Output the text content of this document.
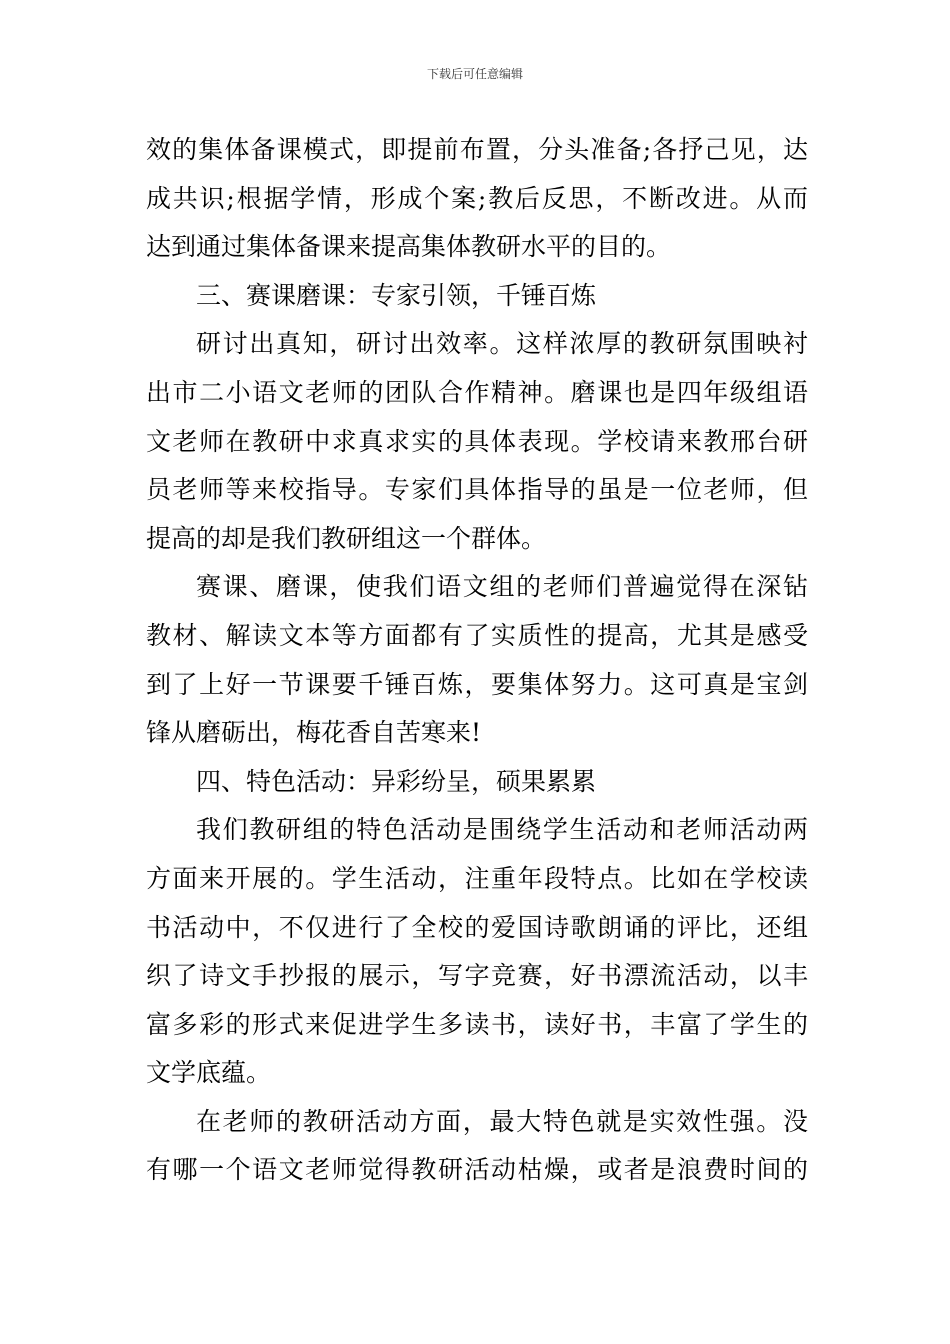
下载后可任意编辑
效的集体备课模式，即提前布置，分头准备;各抒己见，达
成共识;根据学情，形成个案;教后反思，不断改进。从而
达到通过集体备课来提高集体教研水平的目的。
三、赛课磨课：专家引领，千锤百炼
研讨出真知，研讨出效率。这样浓厚的教研氛围映衬
出市二小语文老师的团队合作精神。磨课也是四年级组语
文老师在教研中求真求实的具体表现。学校请来教邢台研
员老师等来校指导。专家们具体指导的虽是一位老师，但
提高的却是我们教研组这一个群体。
赛课、磨课，使我们语文组的老师们普遍觉得在深钻
教材、解读文本等方面都有了实质性的提高，尤其是感受
到了上好一节课要千锤百炼，要集体努力。这可真是宝剑
锋从磨砺出，梅花香自苦寒来!
四、特色活动：异彩纷呈，硕果累累
我们教研组的特色活动是围绕学生活动和老师活动两
方面来开展的。学生活动，注重年段特点。比如在学校读
书活动中，不仅进行了全校的爱国诗歌朗诵的评比，还组
织了诗文手抄报的展示，写字竞赛，好书漂流活动，以丰
富多彩的形式来促进学生多读书，读好书，丰富了学生的
文学底蕴。
在老师的教研活动方面，最大特色就是实效性强。没
有哪一个语文老师觉得教研活动枯燥，或者是浪费时间的
